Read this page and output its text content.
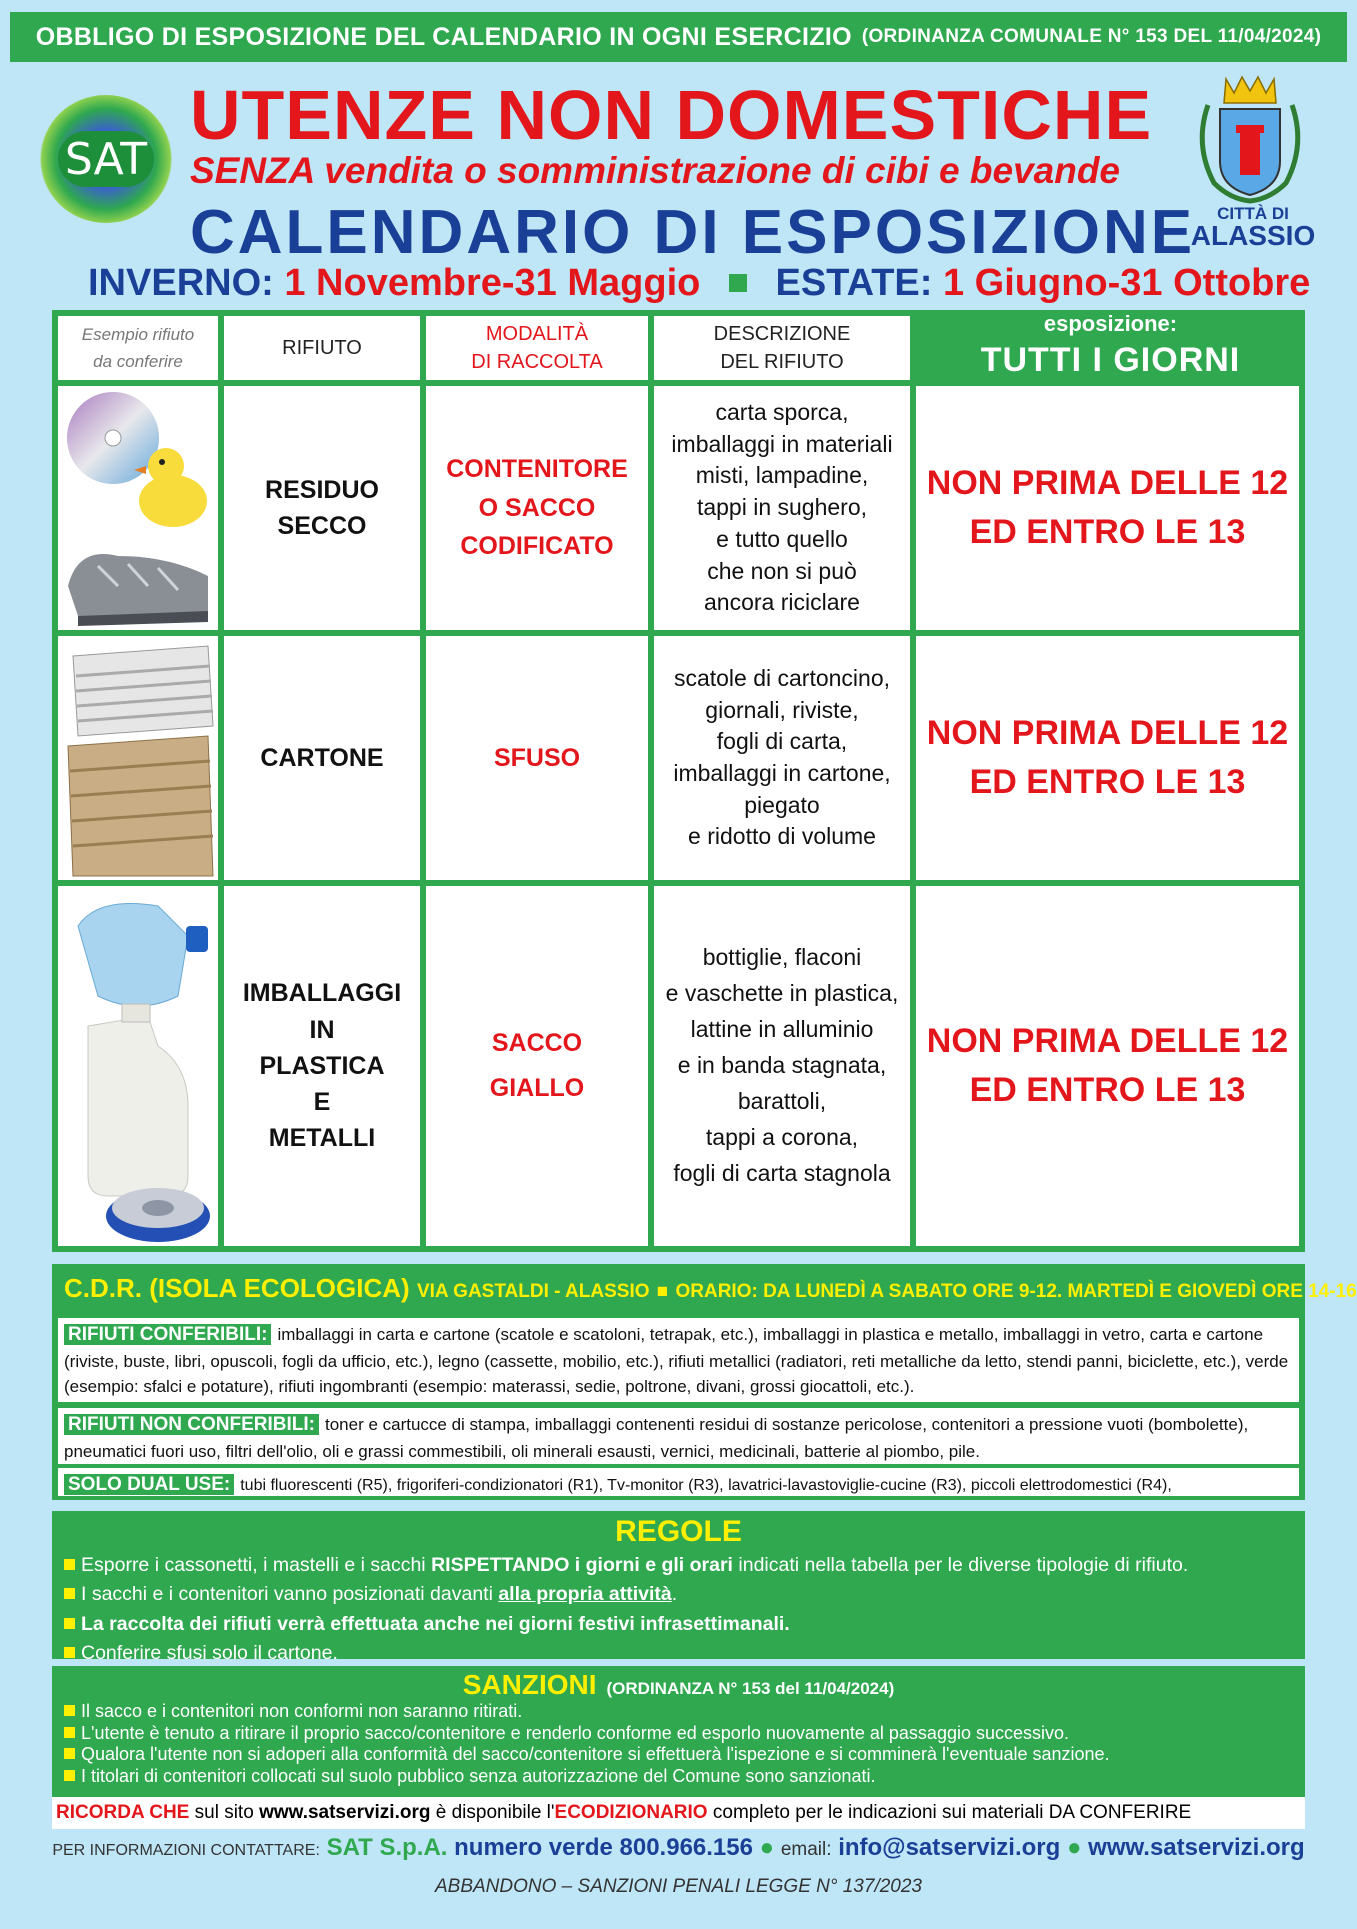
OBBLIGO DI ESPOSIZIONE DEL CALENDARIO IN OGNI ESERCIZIO (ORDINANZA COMUNALE N° 153 DEL 11/04/2024)
SAT
UTENZE NON DOMESTICHE
SENZA vendita o somministrazione di cibi e bevande
CALENDARIO DI ESPOSIZIONE	CITTÀ DI
ALASSIO
INVERNO: 1 Novembre-31 Maggio ESTATE: 1 Giugno-31 Ottobre
Esempio rifiuto
da conferire
RIFIUTO
MODALITÀ
DI RACCOLTA
DESCRIZIONE
DEL RIFIUTO
esposizione:
TUTTI I GIORNI
RESIDUO
SECCO
CONTENITORE
O SACCO
CODIFICATO
carta sporca,
imballaggi in materiali
misti, lampadine,
tappi in sughero,
e tutto quello
che non si può
ancora riciclare
NON PRIMA DELLE 12
ED ENTRO LE 13
CARTONE	SFUSO
scatole di cartoncino,
giornali, riviste,
fogli di carta,
imballaggi in cartone,
piegato
e ridotto di volume
NON PRIMA DELLE 12
ED ENTRO LE 13
IMBALLAGGI
IN
PLASTICA
E
METALLI
SACCO
GIALLO
bottiglie, flaconi
e vaschette in plastica,
lattine in alluminio
e in banda stagnata,
barattoli,
tappi a corona,
fogli di carta stagnola
NON PRIMA DELLE 12
ED ENTRO LE 13
C.D.R. (ISOLA ECOLOGICA) VIA GASTALDI - ALASSIO ■ ORARIO: DA LUNEDÌ A SABATO ORE 9-12. MARTEDÌ E GIOVEDÌ ORE 14-16
RIFIUTI CONFERIBILI: imballaggi in carta e cartone (scatole e scatoloni, tetrapak, etc.), imballaggi in plastica e metallo, imballaggi in vetro, carta e cartone (riviste, buste, libri, opuscoli, fogli da ufficio, etc.), legno (cassette, mobilio, etc.), rifiuti metallici (radiatori, reti metalliche da letto, stendi panni, biciclette, etc.), verde (esempio: sfalci e potature), rifiuti ingombranti (esempio: materassi, sedie, poltrone, divani, grossi giocattoli, etc.).
RIFIUTI NON CONFERIBILI: toner e cartucce di stampa, imballaggi contenenti residui di sostanze pericolose, contenitori a pressione vuoti (bombolette), pneumatici fuori uso, filtri dell'olio, oli e grassi commestibili, oli minerali esausti, vernici, medicinali, batterie al piombo, pile.
SOLO DUAL USE: tubi fluorescenti (R5), frigoriferi-condizionatori (R1), Tv-monitor (R3), lavatrici-lavastoviglie-cucine (R3), piccoli elettrodomestici (R4),
REGOLE
Esporre i cassonetti, i mastelli e i sacchi RISPETTANDO i giorni e gli orari indicati nella tabella per le diverse tipologie di rifiuto.
I sacchi e i contenitori vanno posizionati davanti alla propria attività.
La raccolta dei rifiuti verrà effettuata anche nei giorni festivi infrasettimanali.
Conferire sfusi solo il cartone.
SANZIONI (ORDINANZA N° 153 del 11/04/2024)
Il sacco e i contenitori non conformi non saranno ritirati.
L'utente è tenuto a ritirare il proprio sacco/contenitore e renderlo conforme ed esporlo nuovamente al passaggio successivo.
Qualora l'utente non si adoperi alla conformità del sacco/contenitore si effettuerà l'ispezione e si comminerà l'eventuale sanzione.
I titolari di contenitori collocati sul suolo pubblico senza autorizzazione del Comune sono sanzionati.
RICORDA CHE sul sito www.satservizi.org è disponibile l' ECODIZIONARIO completo per le indicazioni sui materiali DA CONFERIRE
PER INFORMAZIONI CONTATTARE: SAT S.p.A. numero verde 800.966.156 ● email: info@satservizi.org ● www.satservizi.org
ABBANDONO – SANZIONI PENALI LEGGE N° 137/2023
